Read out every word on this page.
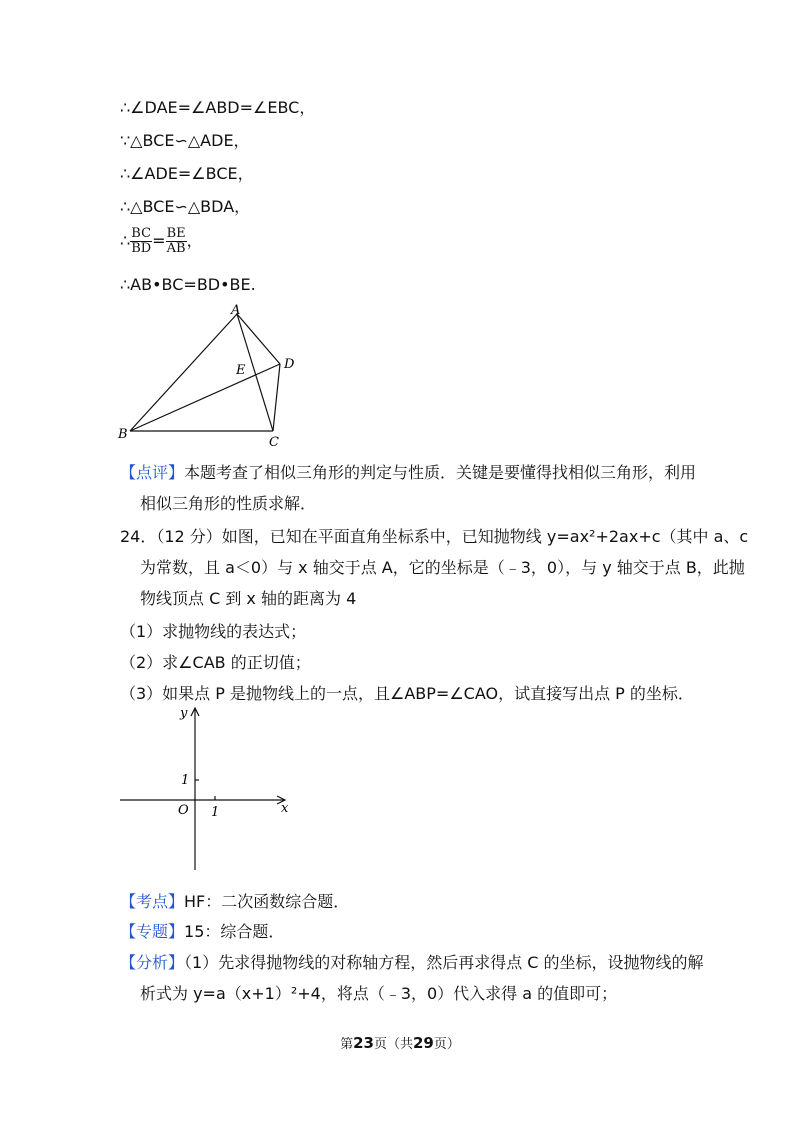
∴∠DAE=∠ABD=∠EBC，
∵△BCE∽△ADE，
∴∠ADE=∠BCE，
∴△BCE∽△BDA，
∴ $\frac{BC}{BD} = \frac{BE}{AB}$ ，
∴AB•BC=BD•BE.
A
B
C
D
E
【点评】本题考查了相似三角形的判定与性质．关键是要懂得找相似三角形，利用
相似三角形的性质求解．
24．（12 分）如图，已知在平面直角坐标系中，已知抛物线 y=ax²+2ax+c（其中 a、c
为常数，且 a＜0）与 x 轴交于点 A，它的坐标是（﹣3，0），与 y 轴交于点 B，此抛
物线顶点 C 到 x 轴的距离为 4
（1）求抛物线的表达式；
（2）求∠CAB 的正切值；
（3）如果点 P 是抛物线上的一点，且∠ABP=∠CAO，试直接写出点 P 的坐标．
y
x
O 1
1
【考点】HF：二次函数综合题．
【专题】15：综合题．
【分析】（1）先求得抛物线的对称轴方程，然后再求得点 C 的坐标，设抛物线的解
析式为 y=a（x+1）²+4，将点（﹣3，0）代入求得 a 的值即可；
第23页（共29页）
